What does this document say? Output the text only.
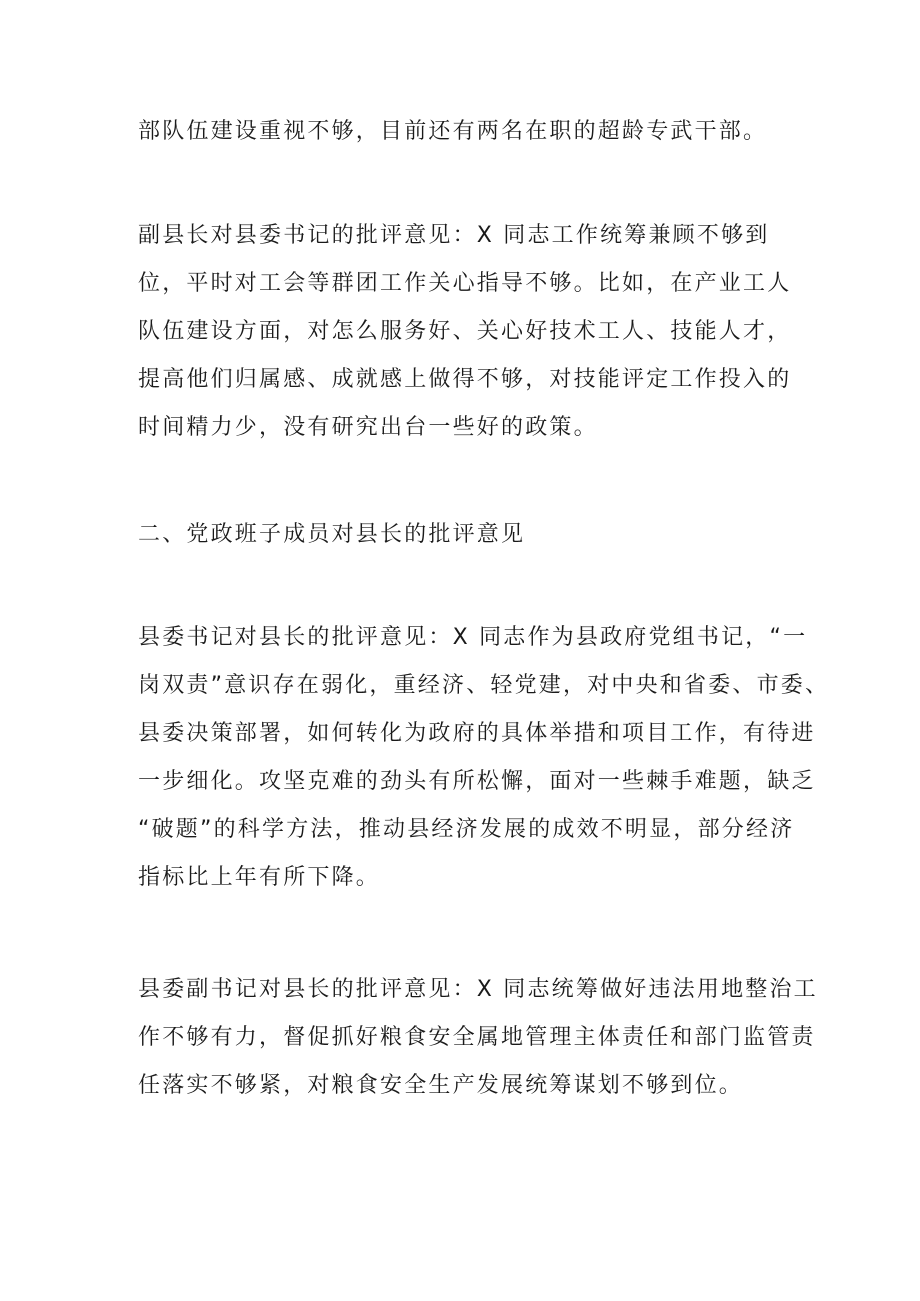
部队伍建设重视不够，目前还有两名在职的超龄专武干部。
副县长对县委书记的批评意见：X 同志工作统筹兼顾不够到
位，平时对工会等群团工作关心指导不够。比如，在产业工人
队伍建设方面，对怎么服务好、关心好技术工人、技能人才，
提高他们归属感、成就感上做得不够，对技能评定工作投入的
时间精力少，没有研究出台一些好的政策。
二、党政班子成员对县长的批评意见
县委书记对县长的批评意见：X 同志作为县政府党组书记，“一
岗双责”意识存在弱化，重经济、轻党建，对中央和省委、市委、
县委决策部署，如何转化为政府的具体举措和项目工作，有待进
一步细化。攻坚克难的劲头有所松懈，面对一些棘手难题，缺乏
“破题”的科学方法，推动县经济发展的成效不明显，部分经济
指标比上年有所下降。
县委副书记对县长的批评意见：X 同志统筹做好违法用地整治工
作不够有力，督促抓好粮食安全属地管理主体责任和部门监管责
任落实不够紧，对粮食安全生产发展统筹谋划不够到位。
